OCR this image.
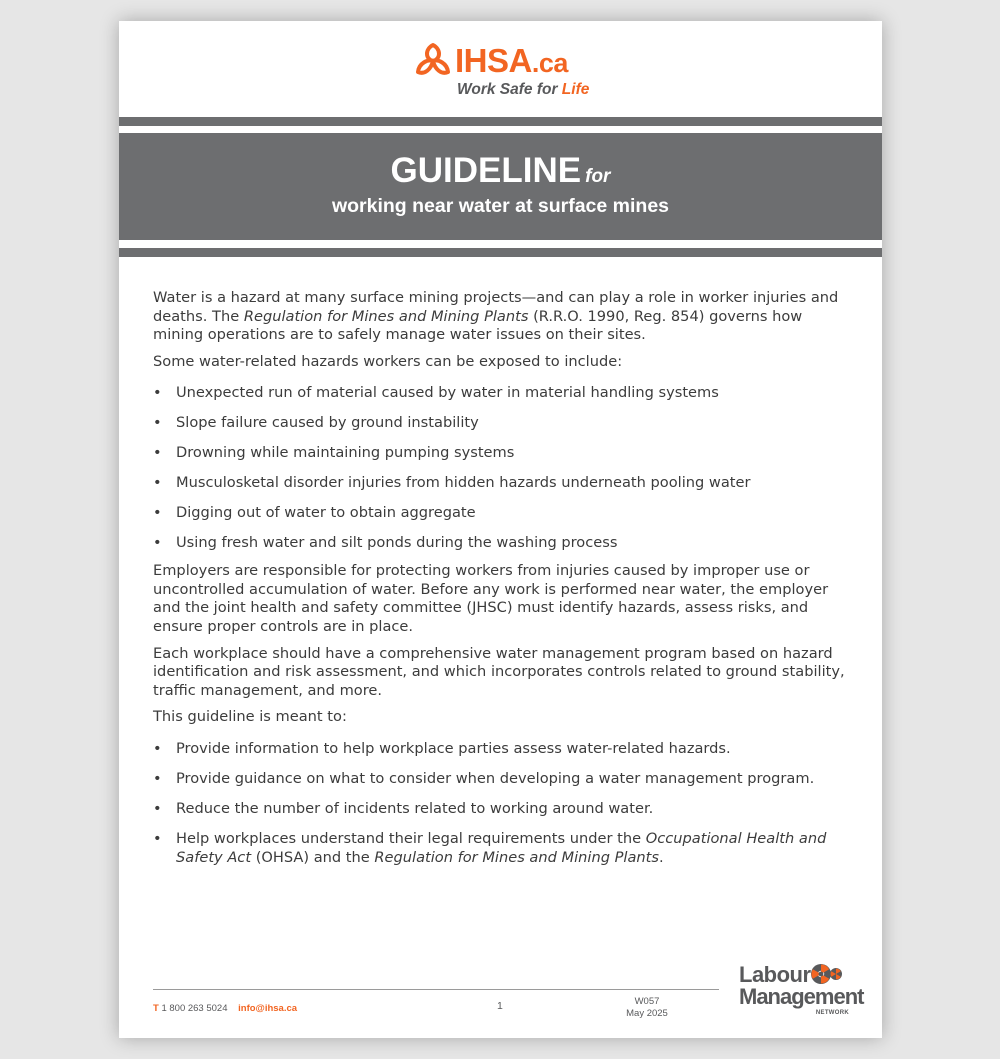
IHSA.ca
Work Safe for Life
GUIDELINE for
working near water at surface mines

Water is a hazard at many surface mining projects—and can play a role in worker injuries and deaths. The Regulation for Mines and Mining Plants (R.R.O. 1990, Reg. 854) governs how mining operations are to safely manage water issues on their sites.

Some water-related hazards workers can be exposed to include:

• Unexpected run of material caused by water in material handling systems
• Slope failure caused by ground instability
• Drowning while maintaining pumping systems
• Musculosketal disorder injuries from hidden hazards underneath pooling water
• Digging out of water to obtain aggregate
• Using fresh water and silt ponds during the washing process

Employers are responsible for protecting workers from injuries caused by improper use or uncontrolled accumulation of water. Before any work is performed near water, the employer and the joint health and safety committee (JHSC) must identify hazards, assess risks, and ensure proper controls are in place.

Each workplace should have a comprehensive water management program based on hazard identification and risk assessment, and which incorporates controls related to ground stability, traffic management, and more.

This guideline is meant to:

• Provide information to help workplace parties assess water-related hazards.
• Provide guidance on what to consider when developing a water management program.
• Reduce the number of incidents related to working around water.
• Help workplaces understand their legal requirements under the Occupational Health and Safety Act (OHSA) and the Regulation for Mines and Mining Plants.
T 1 800 263 5024 info@ihsa.ca	1	W057
May 2025
Labour
Management
NETWORK
